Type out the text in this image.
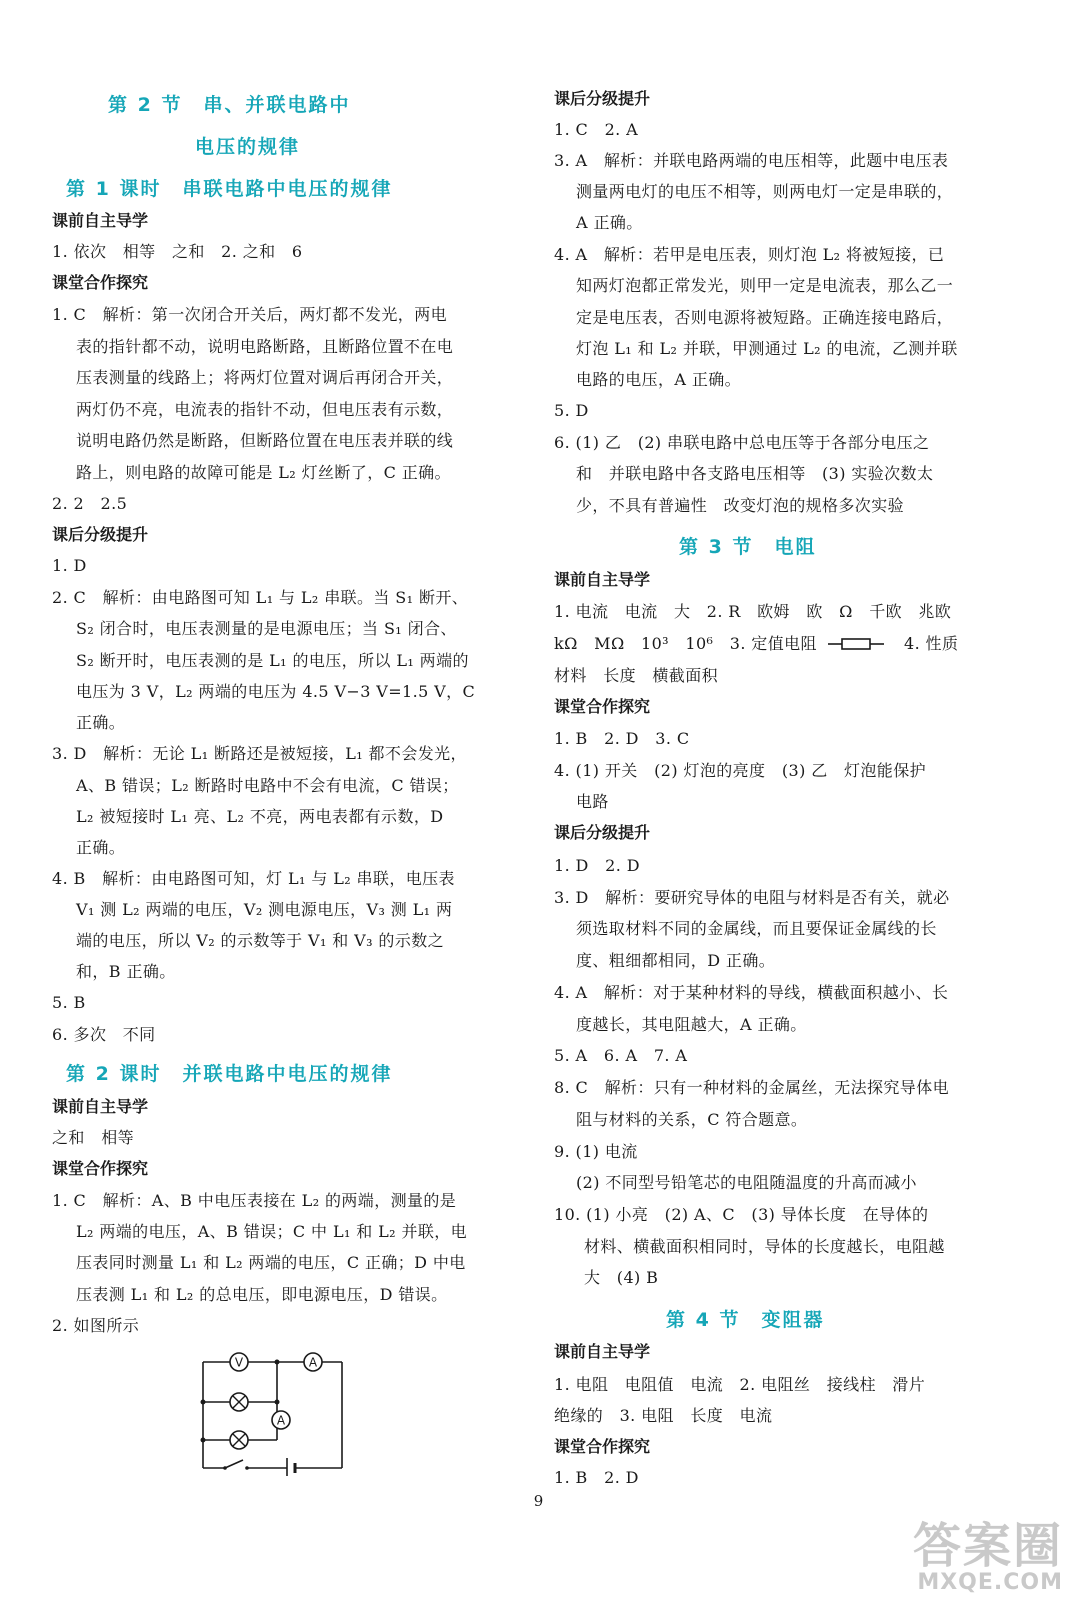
第 2 节　串、并联电路中
电压的规律
第 1 课时　串联电路中电压的规律
课前自主导学
1. 依次　相等　之和　2. 之和　6
课堂合作探究
1. C　解析：第一次闭合开关后，两灯都不发光，两电
表的指针都不动，说明电路断路，且断路位置不在电
压表测量的线路上；将两灯位置对调后再闭合开关，
两灯仍不亮，电流表的指针不动，但电压表有示数，
说明电路仍然是断路，但断路位置在电压表并联的线
路上，则电路的故障可能是 L₂ 灯丝断了，C 正确。
2. 2　2.5
课后分级提升
1. D
2. C　解析：由电路图可知 L₁ 与 L₂ 串联。当 S₁ 断开、
S₂ 闭合时，电压表测量的是电源电压；当 S₁ 闭合、
S₂ 断开时，电压表测的是 L₁ 的电压，所以 L₁ 两端的
电压为 3 V，L₂ 两端的电压为 4.5 V−3 V=1.5 V，C
正确。
3. D　解析：无论 L₁ 断路还是被短接，L₁ 都不会发光，
A、B 错误；L₂ 断路时电路中不会有电流，C 错误；
L₂ 被短接时 L₁ 亮、L₂ 不亮，两电表都有示数，D
正确。
4. B　解析：由电路图可知，灯 L₁ 与 L₂ 串联，电压表
V₁ 测 L₂ 两端的电压，V₂ 测电源电压，V₃ 测 L₁ 两
端的电压，所以 V₂ 的示数等于 V₁ 和 V₃ 的示数之
和，B 正确。
5. B
6. 多次　不同
第 2 课时　并联电路中电压的规律
课前自主导学
之和　相等
课堂合作探究
1. C　解析：A、B 中电压表接在 L₂ 的两端，测量的是
L₂ 两端的电压，A、B 错误；C 中 L₁ 和 L₂ 并联，电
压表同时测量 L₁ 和 L₂ 两端的电压，C 正确；D 中电
压表测 L₁ 和 L₂ 的总电压，即电源电压，D 错误。
2. 如图所示
V	A
A
课后分级提升
1. C　2. A
3. A　解析：并联电路两端的电压相等，此题中电压表
测量两电灯的电压不相等，则两电灯一定是串联的，
A 正确。
4. A　解析：若甲是电压表，则灯泡 L₂ 将被短接，已
知两灯泡都正常发光，则甲一定是电流表，那么乙一
定是电压表，否则电源将被短路。正确连接电路后，
灯泡 L₁ 和 L₂ 并联，甲测通过 L₂ 的电流，乙测并联
电路的电压，A 正确。
5. D
6. (1) 乙　(2) 串联电路中总电压等于各部分电压之
和　并联电路中各支路电压相等　(3) 实验次数太
少，不具有普遍性　改变灯泡的规格多次实验
第 3 节　电阻
课前自主导学
1. 电流　电流　大　2. R　欧姆　欧　Ω　千欧　兆欧
kΩ　MΩ　10³　10⁶　3. 定值电阻	4. 性质
材料　长度　横截面积
课堂合作探究
1. B　2. D　3. C
4. (1) 开关　(2) 灯泡的亮度　(3) 乙　灯泡能保护
电路
课后分级提升
1. D　2. D
3. D　解析：要研究导体的电阻与材料是否有关，就必
须选取材料不同的金属线，而且要保证金属线的长
度、粗细都相同，D 正确。
4. A　解析：对于某种材料的导线，横截面积越小、长
度越长，其电阻越大，A 正确。
5. A　6. A　7. A
8. C　解析：只有一种材料的金属丝，无法探究导体电
阻与材料的关系，C 符合题意。
9. (1) 电流
(2) 不同型号铅笔芯的电阻随温度的升高而减小
10. (1) 小亮　(2) A、C　(3) 导体长度　在导体的
材料、横截面积相同时，导体的长度越长，电阻越
大　(4) B
第 4 节　变阻器
课前自主导学
1. 电阻　电阻值　电流　2. 电阻丝　接线柱　滑片
绝缘的　3. 电阻　长度　电流
课堂合作探究
1. B　2. D
9
答案圈
MXQE.COM
